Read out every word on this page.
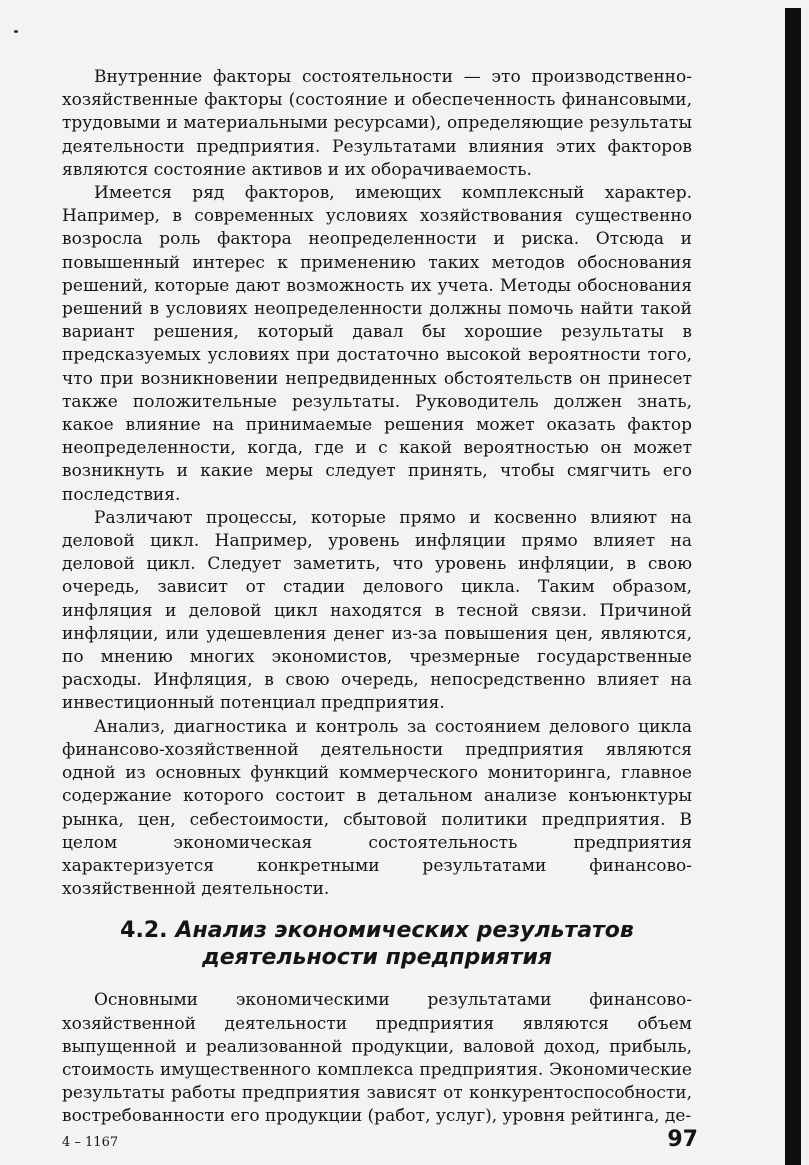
Внутренние факторы состоятельности — это производственно-хозяйственные факторы (состояние и обеспеченность финансовыми, трудовыми и материальными ресурсами), определяющие результаты деятельности предприятия. Результатами влияния этих факторов являются состояние активов и их оборачиваемость.

Имеется ряд факторов, имеющих комплексный характер. Например, в современных условиях хозяйствования существенно возросла роль фактора неопределенности и риска. Отсюда и повышенный интерес к применению таких методов обоснования решений, которые дают возможность их учета. Методы обоснования решений в условиях неопределенности должны помочь найти такой вариант решения, который давал бы хорошие результаты в предсказуемых условиях при достаточно высокой вероятности того, что при возникновении непредвиденных обстоятельств он принесет также положительные результаты. Руководитель должен знать, какое влияние на принимаемые решения может оказать фактор неопределенности, когда, где и с какой вероятностью он может возникнуть и какие меры следует принять, чтобы смягчить его последствия.

Различают процессы, которые прямо и косвенно влияют на деловой цикл. Например, уровень инфляции прямо влияет на деловой цикл. Следует заметить, что уровень инфляции, в свою очередь, зависит от стадии делового цикла. Таким образом, инфляция и деловой цикл находятся в тесной связи. Причиной инфляции, или удешевления денег из-за повышения цен, являются, по мнению многих экономистов, чрезмерные государственные расходы. Инфляция, в свою очередь, непосредственно влияет на инвестиционный потенциал предприятия.

Анализ, диагностика и контроль за состоянием делового цикла финансово-хозяйственной деятельности предприятия являются одной из основных функций коммерческого мониторинга, главное содержание которого состоит в детальном анализе конъюнктуры рынка, цен, себестоимости, сбытовой политики предприятия. В целом экономическая состоятельность предприятия характеризуется конкретными результатами финансово-хозяйственной деятельности.

4.2. Анализ экономических результатов деятельности предприятия

Основными экономическими результатами финансово-хозяйственной деятельности предприятия являются объем выпущенной и реализованной продукции, валовой доход, прибыль, стоимость имущественного комплекса предприятия. Экономические результаты работы предприятия зависят от конкурентоспособности, востребованности его продукции (работ, услуг), уровня рейтинга, де-

4 – 1167	97
